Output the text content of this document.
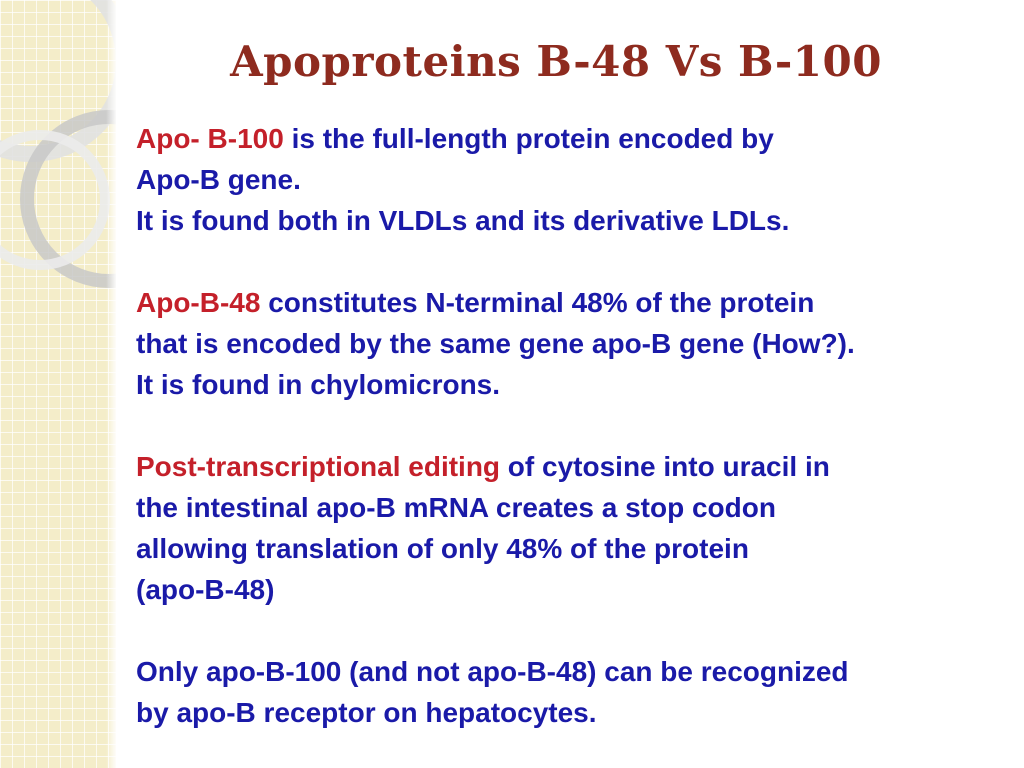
Apoproteins B-48 Vs B-100

Apo- B-100 is the full-length protein encoded by
Apo-B gene.
It is found both in VLDLs and its derivative LDLs.

Apo-B-48 constitutes N-terminal 48% of the protein
that is encoded by the same gene apo-B gene (How?).
It is found in chylomicrons.

Post-transcriptional editing of cytosine into uracil in
the intestinal apo-B mRNA creates a stop codon
allowing translation of only 48% of the protein
(apo-B-48)

Only apo-B-100 (and not apo-B-48) can be recognized
by apo-B receptor on hepatocytes.
